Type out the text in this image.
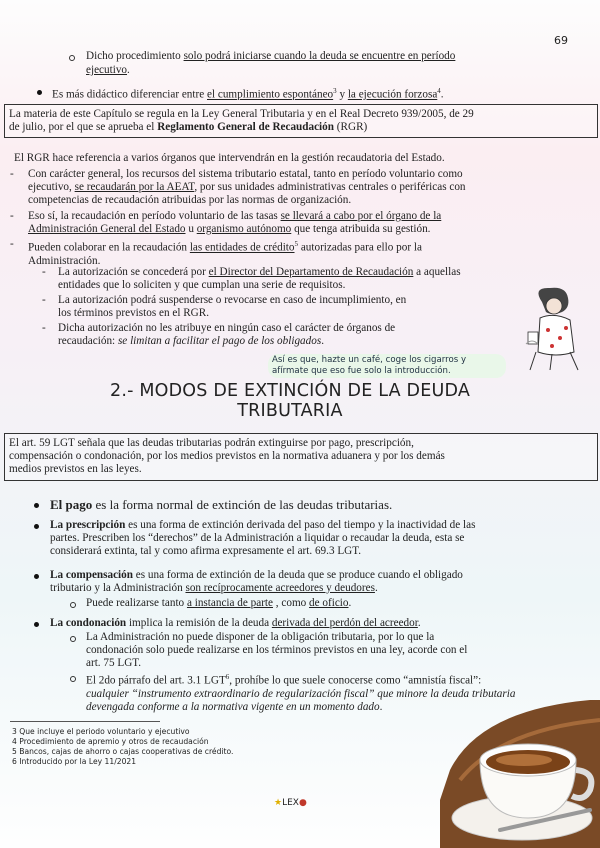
69
Dicho procedimiento solo podrá iniciarse cuando la deuda se encuentre en período
ejecutivo.
Es más didáctico diferenciar entre el cumplimiento espontáneo$^3$ y la ejecución forzosa$^4$.
La materia de este Capítulo se regula en la Ley General Tributaria y en el Real Decreto 939/2005, de 29
de julio, por el que se aprueba el Reglamento General de Recaudación (RGR)
El RGR hace referencia a varios órganos que intervendrán en la gestión recaudatoria del Estado.
- Con carácter general, los recursos del sistema tributario estatal, tanto en período voluntario como
ejecutivo, se recaudarán por la AEAT, por sus unidades administrativas centrales o periféricas con
competencias de recaudación atribuidas por las normas de organización.
- Eso sí, la recaudación en período voluntario de las tasas se llevará a cabo por el órgano de la
Administración General del Estado u organismo autónomo que tenga atribuida su gestión.
- Pueden colaborar en la recaudación las entidades de crédito$^5$ autorizadas para ello por la
Administración.
- La autorización se concederá por el Director del Departamento de Recaudación a aquellas
entidades que lo soliciten y que cumplan una serie de requisitos.
- La autorización podrá suspenderse o revocarse en caso de incumplimiento, en
los términos previstos en el RGR.
- Dicha autorización no les atribuye en ningún caso el carácter de órganos de
recaudación: se limitan a facilitar el pago de los obligados.
Así es que, hazte un café, coge los cigarros y
afírmate que eso fue solo la introducción.
2.- MODOS DE EXTINCIÓN DE LA DEUDA
TRIBUTARIA
El art. 59 LGT señala que las deudas tributarias podrán extinguirse por pago, prescripción,
compensación o condonación, por los medios previstos en la normativa aduanera y por los demás
medios previstos en las leyes.
El pago es la forma normal de extinción de las deudas tributarias.
La prescripción es una forma de extinción derivada del paso del tiempo y la inactividad de las
partes. Prescriben los “derechos” de la Administración a liquidar o recaudar la deuda, esta se
considerará extinta, tal y como afirma expresamente el art. 69.3 LGT.
La compensación es una forma de extinción de la deuda que se produce cuando el obligado
tributario y la Administración son recíprocamente acreedores y deudores.
Puede realizarse tanto a instancia de parte , como de oficio.
La condonación implica la remisión de la deuda derivada del perdón del acreedor.
La Administración no puede disponer de la obligación tributaria, por lo que la
condonación solo puede realizarse en los términos previstos en una ley, acorde con el
art. 75 LGT.
El 2do párrafo del art. 3.1 LGT$^6$, prohíbe lo que suele conocerse como “amnistía fiscal”:
cualquier “instrumento extraordinario de regularización fiscal” que minore la deuda tributaria
devengada conforme a la normativa vigente en un momento dado.
3 Que incluye el periodo voluntario y ejecutivo
4 Procedimiento de apremio y otros de recaudación
5 Bancos, cajas de ahorro o cajas cooperativas de crédito.
6 Introducido por la Ley 11/2021
★LEX●
